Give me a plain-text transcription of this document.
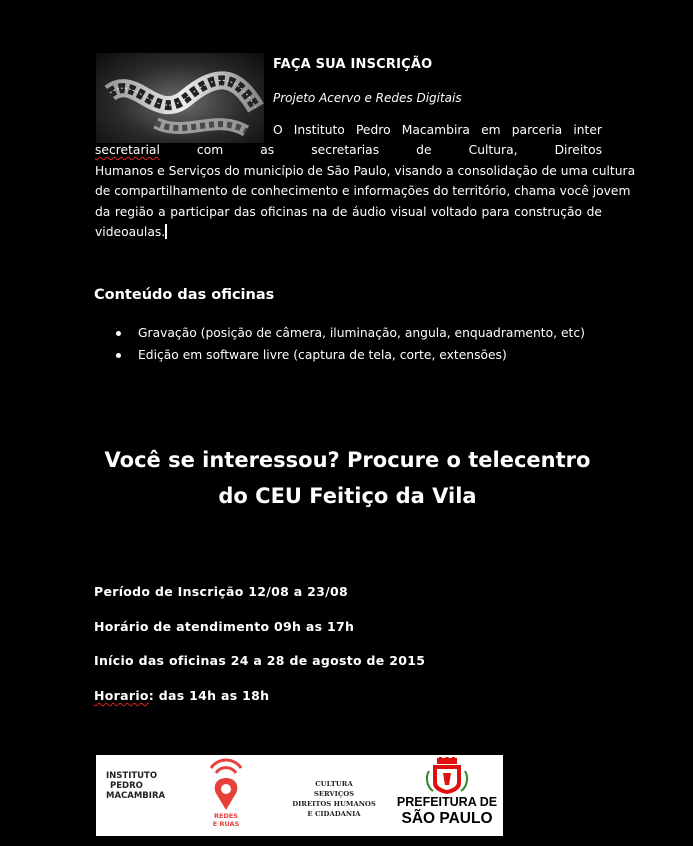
FAÇA SUA INSCRIÇÃO
Projeto Acervo e Redes Digitais
O Instituto Pedro Macambira em parceria inter
secretarial com as secretarias de Cultura, Direitos
Humanos e Serviços do município de São Paulo, visando a consolidação de uma cultura
de compartilhamento de conhecimento e informações do território, chama você jovem
da região a participar das oficinas na de áudio visual voltado para construção de
videoaulas.
Conteúdo das oficinas
Gravação (posição de câmera, iluminação, angula, enquadramento, etc)
Edição em software livre (captura de tela, corte, extensões)
Você se interessou? Procure o telecentro
do CEU Feitiço da Vila
Período de Inscrição 12/08 a 23/08
Horário de atendimento 09h as 17h
Início das oficinas 24 a 28 de agosto de 2015
Horario: das 14h as 18h
INSTITUTO
PEDRO
MACAMBIRA
REDES
E RUAS
CULTURA
SERVIÇOS
DIREITOS HUMANOS
E CIDADANIA
PREFEITURA DE
SÃO PAULO
